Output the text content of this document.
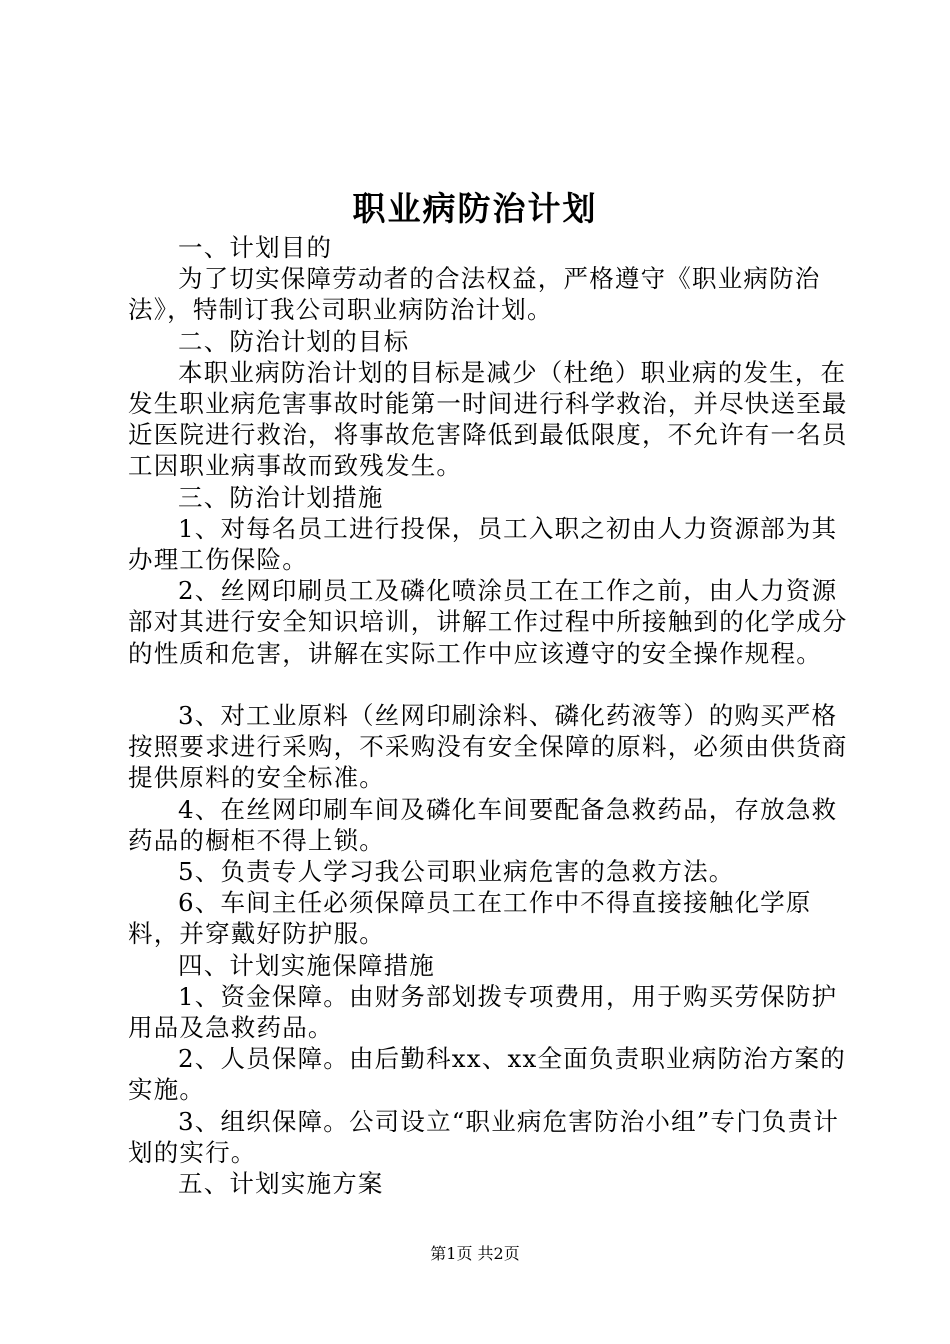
职业病防治计划

一、计划目的

为了切实保障劳动者的合法权益，严格遵守《职业病防治法》，特制订我公司职业病防治计划。

二、防治计划的目标

本职业病防治计划的目标是减少（杜绝）职业病的发生，在发生职业病危害事故时能第一时间进行科学救治，并尽快送至最近医院进行救治，将事故危害降低到最低限度，不允许有一名员工因职业病事故而致残发生。

三、防治计划措施

1、对每名员工进行投保，员工入职之初由人力资源部为其办理工伤保险。

2、丝网印刷员工及磷化喷涂员工在工作之前，由人力资源部对其进行安全知识培训，讲解工作过程中所接触到的化学成分的性质和危害，讲解在实际工作中应该遵守的安全操作规程。

3、对工业原料（丝网印刷涂料、磷化药液等）的购买严格按照要求进行采购，不采购没有安全保障的原料，必须由供货商提供原料的安全标准。

4、在丝网印刷车间及磷化车间要配备急救药品，存放急救药品的橱柜不得上锁。

5、负责专人学习我公司职业病危害的急救方法。

6、车间主任必须保障员工在工作中不得直接接触化学原料，并穿戴好防护服。

四、计划实施保障措施

1、资金保障。由财务部划拨专项费用，用于购买劳保防护用品及急救药品。

2、人员保障。由后勤科xx、xx全面负责职业病防治方案的实施。

3、组织保障。公司设立“职业病危害防治小组”专门负责计划的实行。

五、计划实施方案

第1页 共2页
